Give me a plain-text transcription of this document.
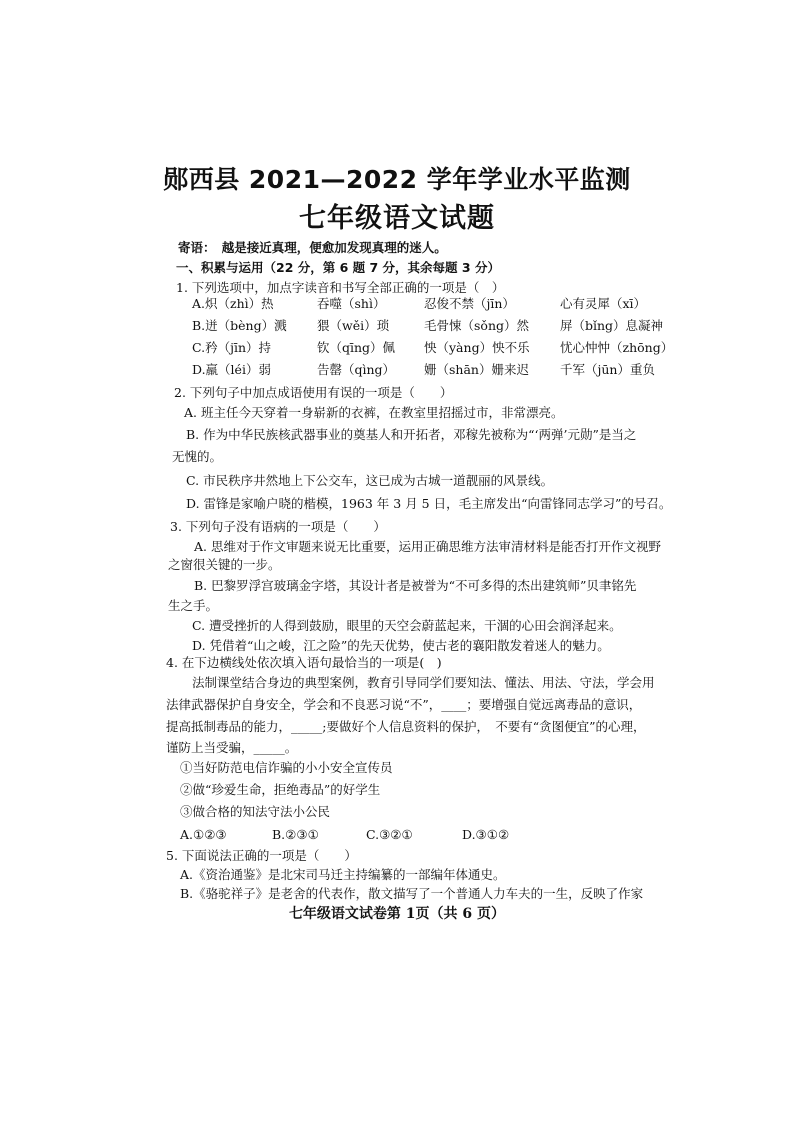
郧西县 2021—2022 学年学业水平监测
七年级语文试题
寄语：　越是接近真理，便愈加发现真理的迷人。
一、积累与运用（22 分，第 6 题 7 分，其余每题 3 分）
1. 下列选项中，加点字读音和书写全部正确的一项是（　）
A.炽（zhì）热	吞噬（shì）	忍俊不禁（jīn）	心有灵犀（xī）
B.迸（bèng）溅 猥（wěi）琐	毛骨悚（sǒng）然 屏（bǐng）息凝神
C.矜（jīn）持	钦（qīng）佩 怏（yàng）怏不乐 忧心忡忡（zhōng）
D.羸（léi）弱	告罄（qìng） 姗（shān）姗来迟 千军（jūn）重负
2. 下列句子中加点成语使用有误的一项是（　　）
A. 班主任今天穿着一身崭新的衣裤，在教室里招摇过市，非常漂亮。
B. 作为中华民族核武器事业的奠基人和开拓者，邓稼先被称为“‘两弹’元勋”是当之
无愧的。
C. 市民秩序井然地上下公交车，这已成为古城一道靓丽的风景线。
D. 雷锋是家喻户晓的楷模，1963 年 3 月 5 日，毛主席发出“向雷锋同志学习”的号召。
3. 下列句子没有语病的一项是（　　）
A. 思维对于作文审题来说无比重要，运用正确思维方法审清材料是能否打开作文视野
之窗很关键的一步。
B. 巴黎罗浮宫玻璃金字塔，其设计者是被誉为“不可多得的杰出建筑师”贝聿铭先
生之手。
C. 遭受挫折的人得到鼓励，眼里的天空会蔚蓝起来，干涸的心田会润泽起来。
D. 凭借着“山之峻，江之险”的先天优势，使古老的襄阳散发着迷人的魅力。
4. 在下边横线处依次填入语句最恰当的一项是(　)
法制课堂结合身边的典型案例，教育引导同学们要知法、懂法、用法、守法，学会用
法律武器保护自身安全，学会和不良恶习说“不”，____；要增强自觉远离毒品的意识，
提高抵制毒品的能力，_____;要做好个人信息资料的保护，　不要有“贪图便宜”的心理，
谨防上当受骗，_____。
①当好防范电信诈骗的小小安全宣传员
②做“珍爱生命，拒绝毒品”的好学生
③做合格的知法守法小公民
A.①②③	B.②③①	C.③②①	D.③①②
5. 下面说法正确的一项是（　　）
A.《资治通鉴》是北宋司马迁主持编纂的一部编年体通史。
B.《骆驼祥子》是老舍的代表作，散文描写了一个普通人力车夫的一生，反映了作家
七年级语文试卷第 1页（共 6 页）
